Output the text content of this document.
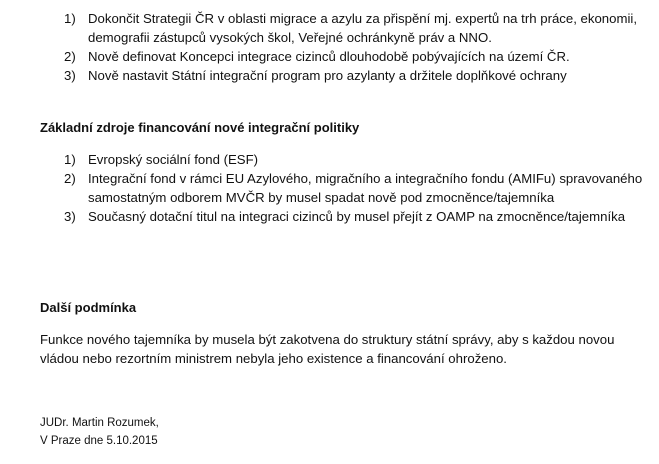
1) Dokončit Strategii ČR v oblasti migrace a azylu za přispění mj. expertů na trh práce, ekonomii, demografii zástupců vysokých škol, Veřejné ochránkyně práv a NNO.
2) Nově definovat Koncepci integrace cizinců dlouhodobě pobývajících na území ČR.
3) Nově nastavit Státní integrační program pro azylanty a držitele doplňkové ochrany
Základní zdroje financování nové integrační politiky
1) Evropský sociální fond (ESF)
2) Integrační fond v rámci EU Azylového, migračního a integračního fondu (AMIFu) spravovaného samostatným odborem MVČR by musel spadat nově pod zmocněnce/tajemníka
3) Současný dotační titul na integraci cizinců by musel přejít z OAMP na zmocněnce/tajemníka
Další podmínka
Funkce nového tajemníka by musela být zakotvena do struktury státní správy, aby s každou novou vládou nebo rezortním ministrem nebyla jeho existence a financování ohroženo.
JUDr. Martin Rozumek,
V Praze dne 5.10.2015
